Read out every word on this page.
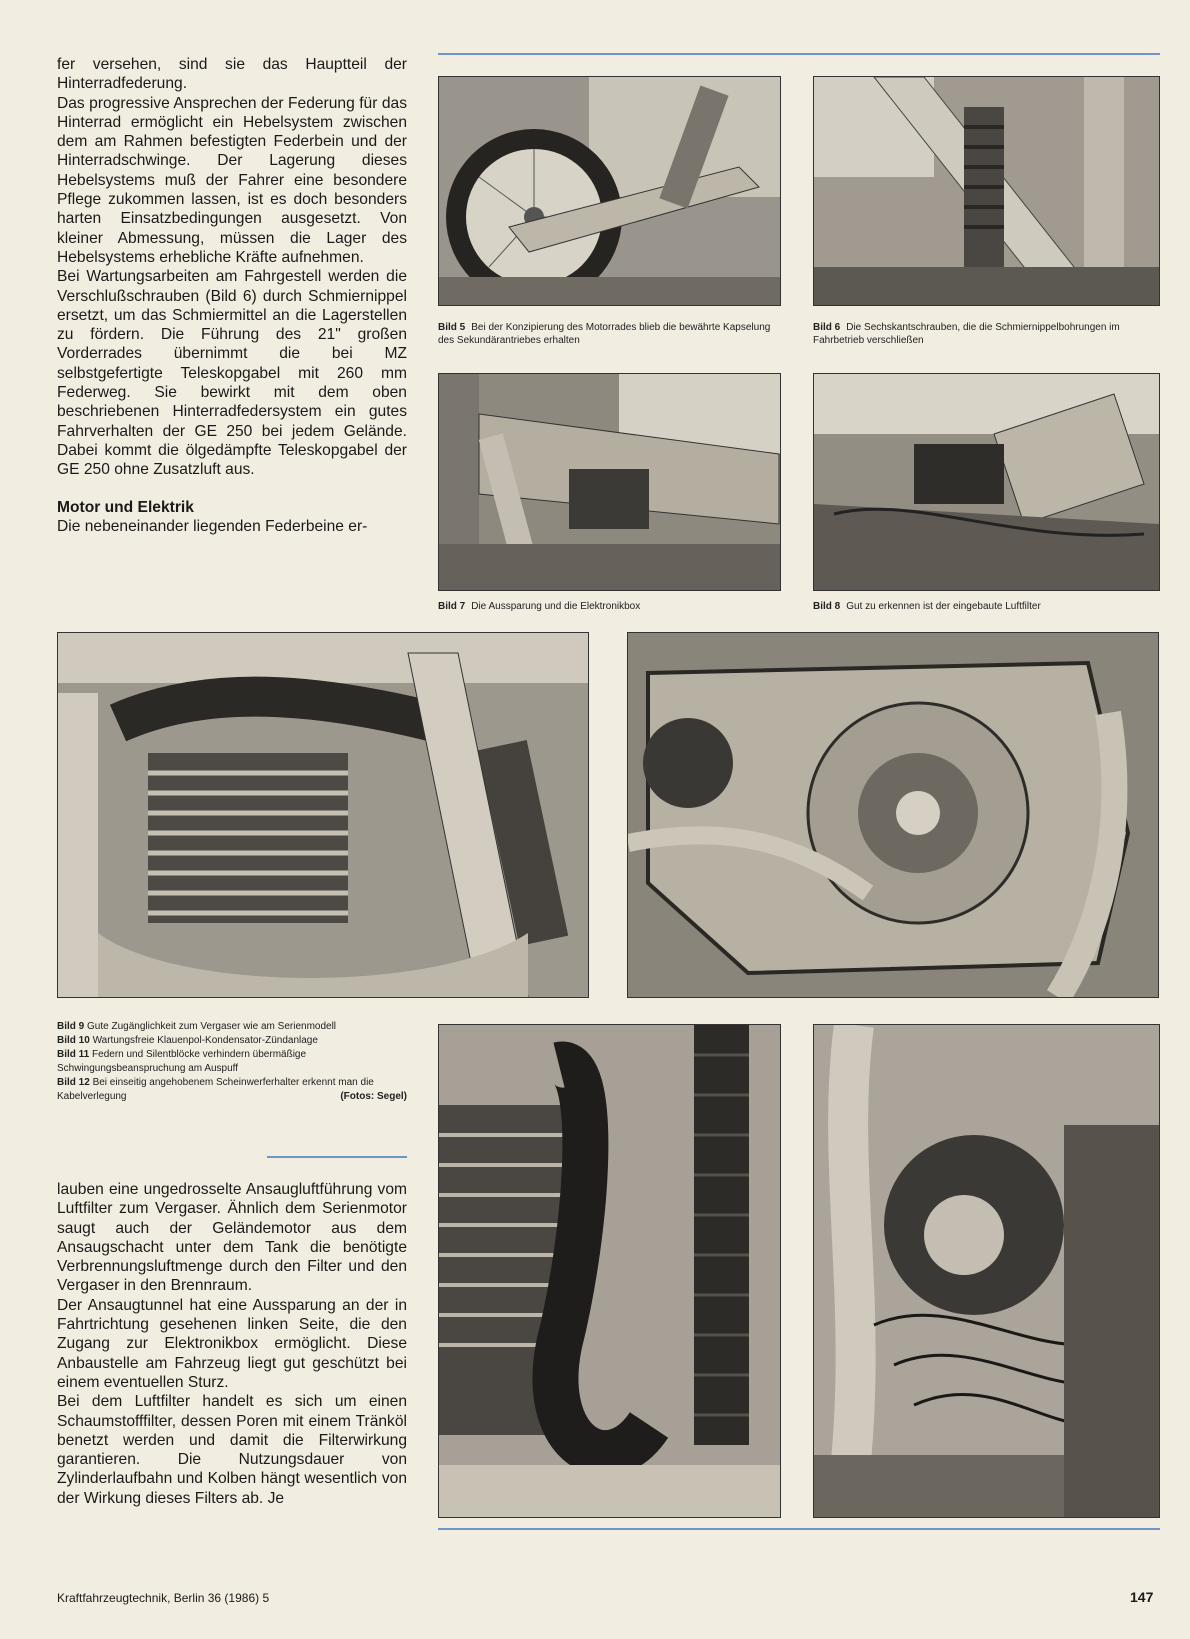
fer versehen, sind sie das Hauptteil der Hinterradfederung.

Das progressive Ansprechen der Federung für das Hinterrad ermöglicht ein Hebelsystem zwischen dem am Rahmen befestigten Federbein und der Hinterradschwinge. Der Lagerung dieses Hebelsystems muß der Fahrer eine besondere Pflege zukommen lassen, ist es doch besonders harten Einsatzbedingungen ausgesetzt. Von kleiner Abmessung, müssen die Lager des Hebelsystems erhebliche Kräfte aufnehmen.

Bei Wartungsarbeiten am Fahrgestell werden die Verschlußschrauben (Bild 6) durch Schmiernippel ersetzt, um das Schmiermittel an die Lagerstellen zu fördern. Die Führung des 21" großen Vorderrades übernimmt die bei MZ selbstgefertigte Teleskopgabel mit 260 mm Federweg. Sie bewirkt mit dem oben beschriebenen Hinterradfedersystem ein gutes Fahrverhalten der GE 250 bei jedem Gelände. Dabei kommt die ölgedämpfte Teleskopgabel der GE 250 ohne Zusatzluft aus.

Motor und Elektrik

Die nebeneinander liegenden Federbeine er-

Bild 5 Bei der Konzipierung des Motorrades blieb die bewährte Kapselung des Sekundärantriebes erhalten
Bild 6 Die Sechskantschrauben, die die Schmiernippelbohrungen im Fahrbetrieb verschließen
Bild 7 Die Aussparung und die Elektronikbox	Bild 8 Gut zu erkennen ist der eingebaute Luftfilter
Bild 9 Gute Zugänglichkeit zum Vergaser wie am Serienmodell
Bild 10 Wartungsfreie Klauenpol-Kondensator-Zündanlage
Bild 11 Federn und Silentblöcke verhindern übermäßige Schwingungsbeanspruchung am Auspuff
Bild 12 Bei einseitig angehobenem Scheinwerferhalter erkennt man die Kabelverlegung	(Fotos: Segel)

lauben eine ungedrosselte Ansaugluftführung vom Luftfilter zum Vergaser. Ähnlich dem Serienmotor saugt auch der Geländemotor aus dem Ansaugschacht unter dem Tank die benötigte Verbrennungsluftmenge durch den Filter und den Vergaser in den Brennraum.

Der Ansaugtunnel hat eine Aussparung an der in Fahrtrichtung gesehenen linken Seite, die den Zugang zur Elektronikbox ermöglicht. Diese Anbaustelle am Fahrzeug liegt gut geschützt bei einem eventuellen Sturz.

Bei dem Luftfilter handelt es sich um einen Schaumstofffilter, dessen Poren mit einem Tränköl benetzt werden und damit die Filterwirkung garantieren. Die Nutzungsdauer von Zylinderlaufbahn und Kolben hängt wesentlich von der Wirkung dieses Filters ab. Je

Kraftfahrzeugtechnik, Berlin 36 (1986) 5	147
